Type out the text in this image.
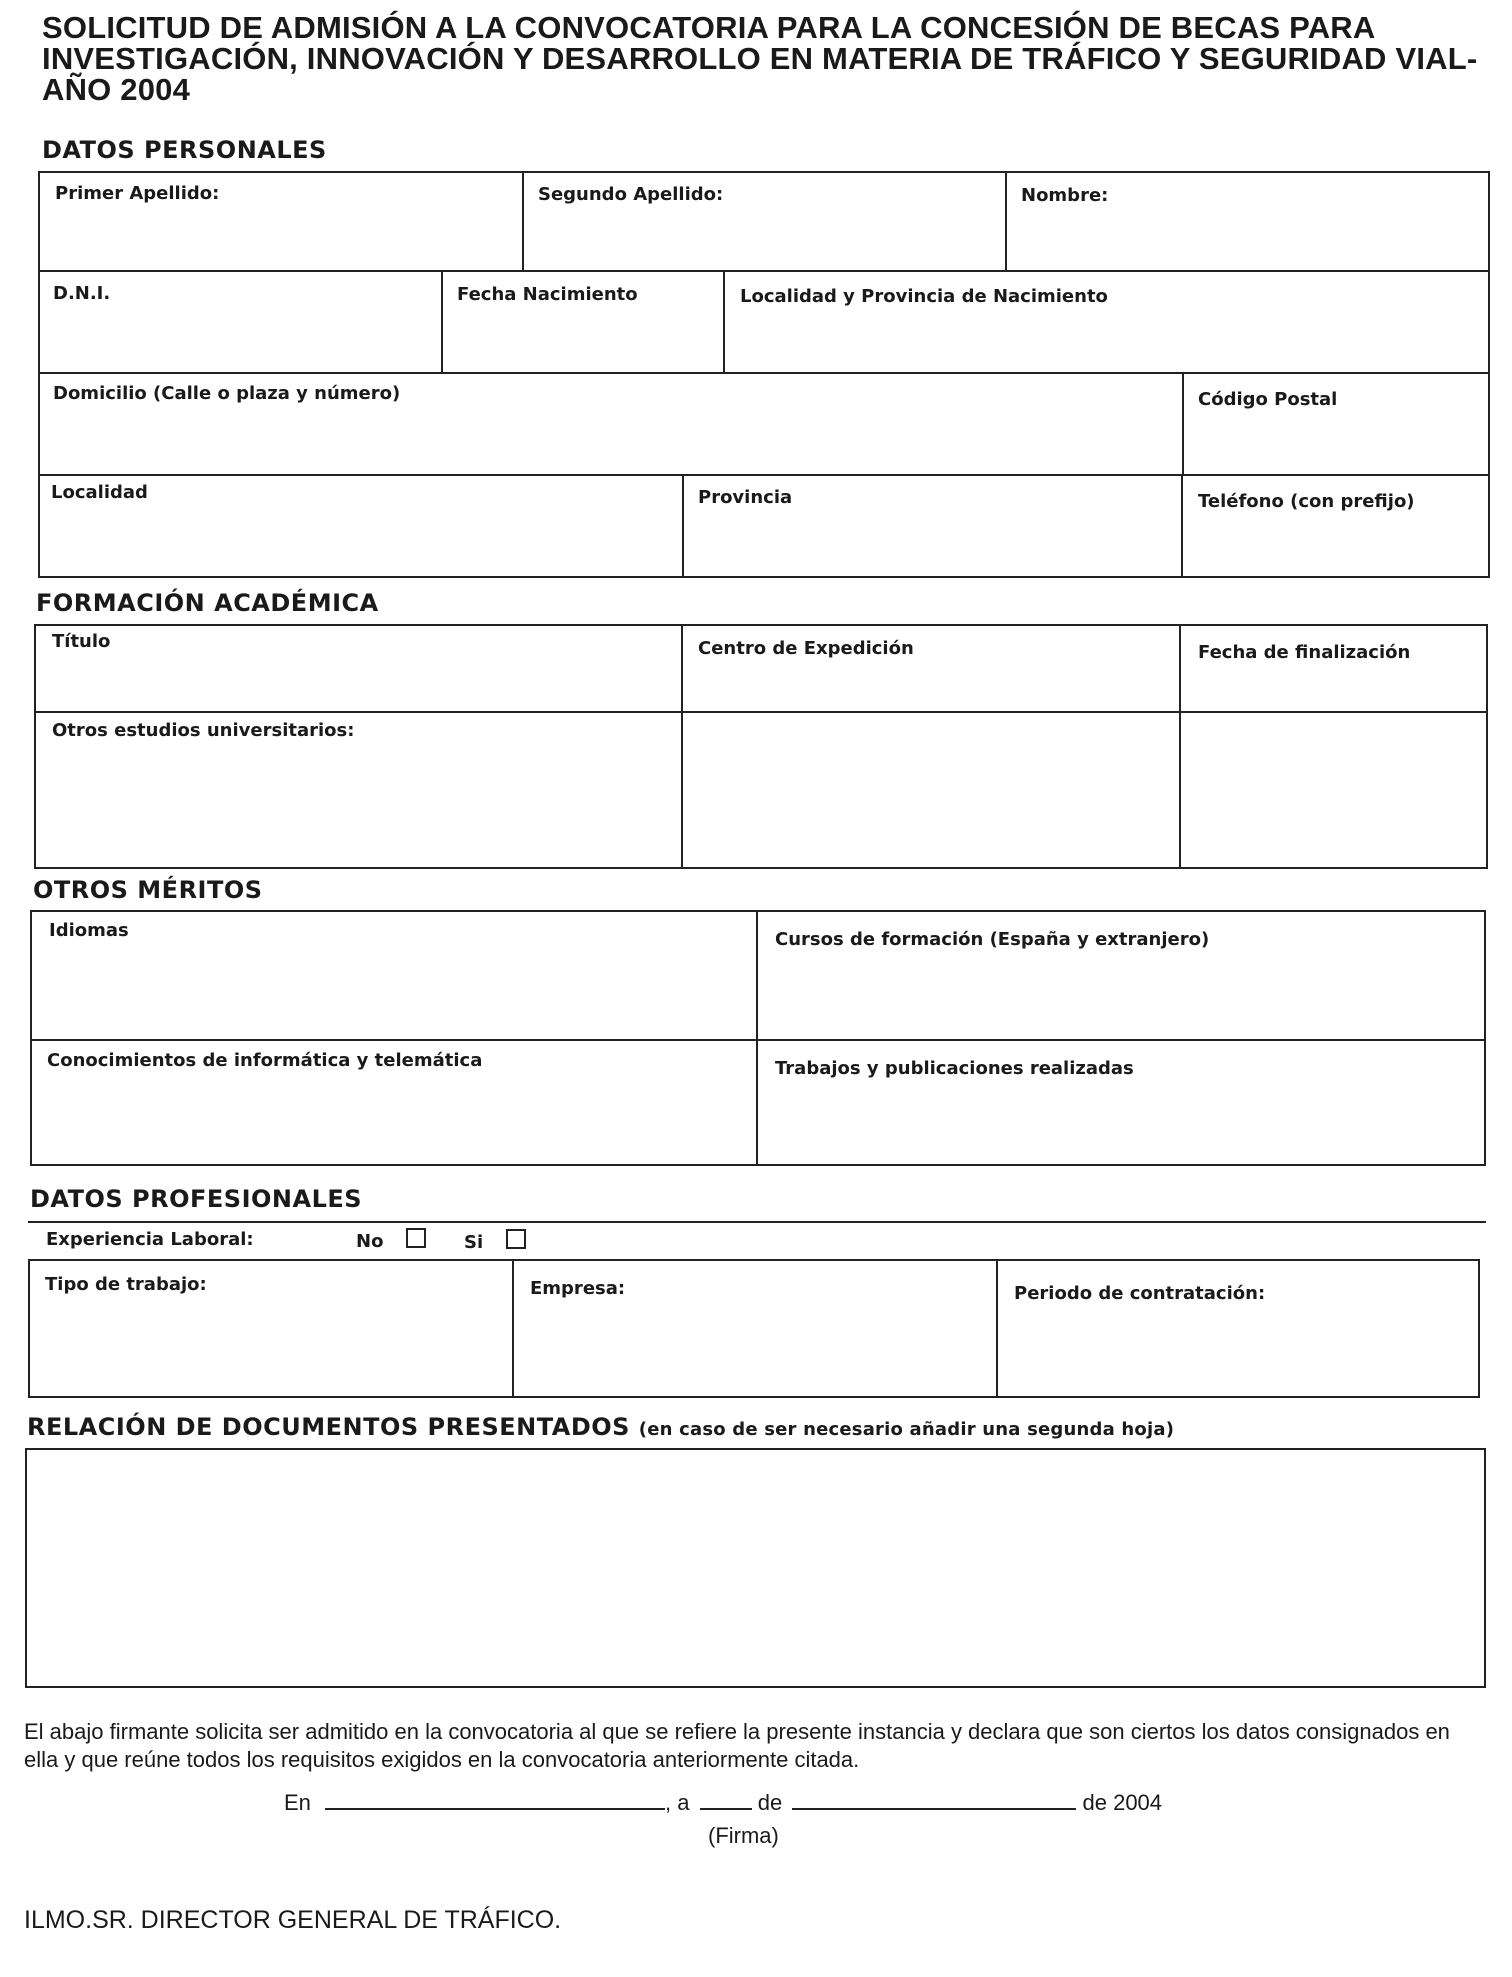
SOLICITUD DE ADMISIÓN A LA CONVOCATORIA PARA LA CONCESIÓN DE BECAS PARA INVESTIGACIÓN, INNOVACIÓN Y DESARROLLO EN MATERIA DE TRÁFICO Y SEGURIDAD VIAL-AÑO 2004
DATOS PERSONALES
Primer Apellido:	Segundo Apellido:	Nombre:
D.N.I.	Fecha Nacimiento	Localidad y Provincia de Nacimiento
Domicilio (Calle o plaza y número)	Código Postal
Localidad	Provincia	Teléfono (con prefijo)
FORMACIÓN ACADÉMICA
Título	Centro de Expedición	Fecha de finalización
Otros estudios universitarios:
OTROS MÉRITOS
Idiomas	Cursos de formación (España y extranjero)
Conocimientos de informática y telemática	Trabajos y publicaciones realizadas
DATOS PROFESIONALES
Experiencia Laboral:	No	Si
Tipo de trabajo:	Empresa:	Periodo de contratación:
RELACIÓN DE DOCUMENTOS PRESENTADOS (en caso de ser necesario añadir una segunda hoja)
El abajo firmante solicita ser admitido en la convocatoria al que se refiere la presente instancia y declara que son ciertos los datos consignados en ella y que reúne todos los requisitos exigidos en la convocatoria anteriormente citada.
En	, a	de	de 2004
(Firma)
ILMO.SR. DIRECTOR GENERAL DE TRÁFICO.
